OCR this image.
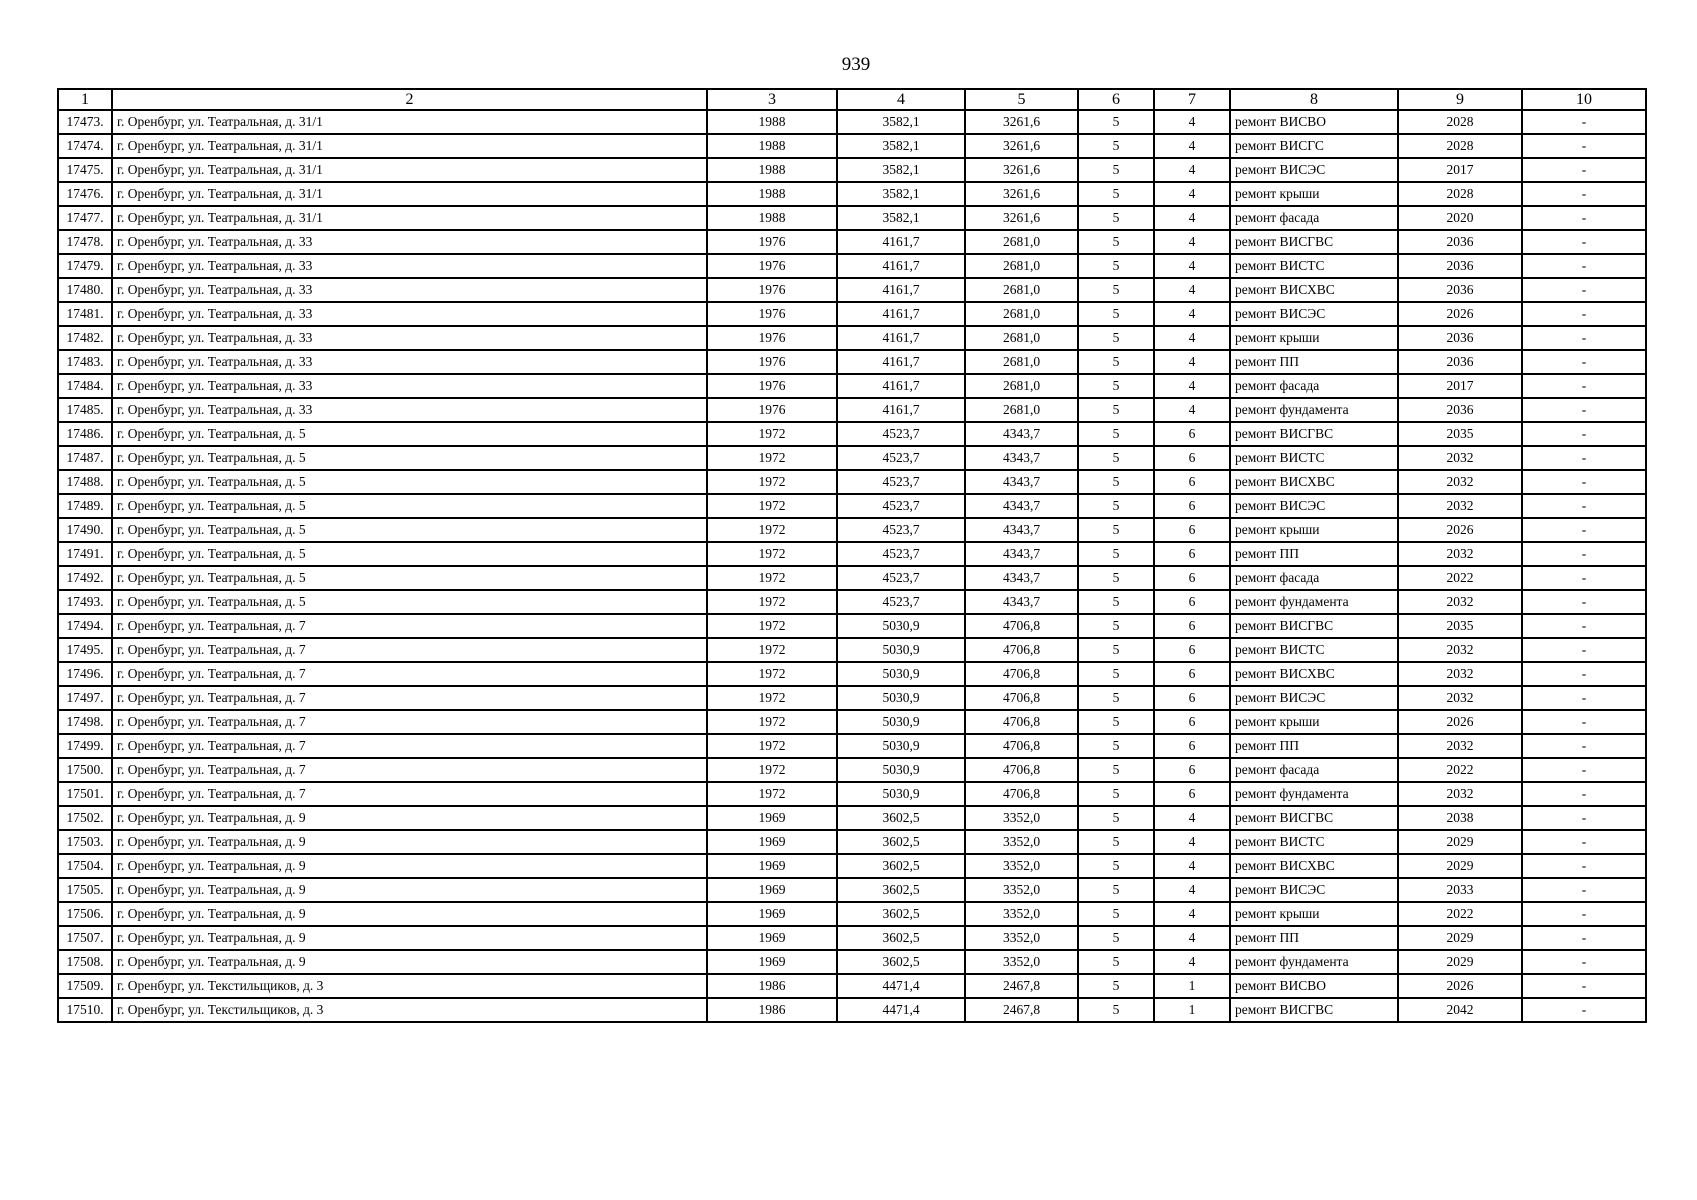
939
1	2	3	4	5	6	7	8	9	10
17473.	г. Оренбург, ул. Театральная, д. 31/1	1988	3582,1	3261,6	5	4	ремонт ВИСВО	2028	-
17474.	г. Оренбург, ул. Театральная, д. 31/1	1988	3582,1	3261,6	5	4	ремонт ВИСГС	2028	-
17475.	г. Оренбург, ул. Театральная, д. 31/1	1988	3582,1	3261,6	5	4	ремонт ВИСЭС	2017	-
17476.	г. Оренбург, ул. Театральная, д. 31/1	1988	3582,1	3261,6	5	4	ремонт крыши	2028	-
17477.	г. Оренбург, ул. Театральная, д. 31/1	1988	3582,1	3261,6	5	4	ремонт фасада	2020	-
17478.	г. Оренбург, ул. Театральная, д. 33	1976	4161,7	2681,0	5	4	ремонт ВИСГВС	2036	-
17479.	г. Оренбург, ул. Театральная, д. 33	1976	4161,7	2681,0	5	4	ремонт ВИСТС	2036	-
17480.	г. Оренбург, ул. Театральная, д. 33	1976	4161,7	2681,0	5	4	ремонт ВИСХВС	2036	-
17481.	г. Оренбург, ул. Театральная, д. 33	1976	4161,7	2681,0	5	4	ремонт ВИСЭС	2026	-
17482.	г. Оренбург, ул. Театральная, д. 33	1976	4161,7	2681,0	5	4	ремонт крыши	2036	-
17483.	г. Оренбург, ул. Театральная, д. 33	1976	4161,7	2681,0	5	4	ремонт ПП	2036	-
17484.	г. Оренбург, ул. Театральная, д. 33	1976	4161,7	2681,0	5	4	ремонт фасада	2017	-
17485.	г. Оренбург, ул. Театральная, д. 33	1976	4161,7	2681,0	5	4	ремонт фундамента	2036	-
17486.	г. Оренбург, ул. Театральная, д. 5	1972	4523,7	4343,7	5	6	ремонт ВИСГВС	2035	-
17487.	г. Оренбург, ул. Театральная, д. 5	1972	4523,7	4343,7	5	6	ремонт ВИСТС	2032	-
17488.	г. Оренбург, ул. Театральная, д. 5	1972	4523,7	4343,7	5	6	ремонт ВИСХВС	2032	-
17489.	г. Оренбург, ул. Театральная, д. 5	1972	4523,7	4343,7	5	6	ремонт ВИСЭС	2032	-
17490.	г. Оренбург, ул. Театральная, д. 5	1972	4523,7	4343,7	5	6	ремонт крыши	2026	-
17491.	г. Оренбург, ул. Театральная, д. 5	1972	4523,7	4343,7	5	6	ремонт ПП	2032	-
17492.	г. Оренбург, ул. Театральная, д. 5	1972	4523,7	4343,7	5	6	ремонт фасада	2022	-
17493.	г. Оренбург, ул. Театральная, д. 5	1972	4523,7	4343,7	5	6	ремонт фундамента	2032	-
17494.	г. Оренбург, ул. Театральная, д. 7	1972	5030,9	4706,8	5	6	ремонт ВИСГВС	2035	-
17495.	г. Оренбург, ул. Театральная, д. 7	1972	5030,9	4706,8	5	6	ремонт ВИСТС	2032	-
17496.	г. Оренбург, ул. Театральная, д. 7	1972	5030,9	4706,8	5	6	ремонт ВИСХВС	2032	-
17497.	г. Оренбург, ул. Театральная, д. 7	1972	5030,9	4706,8	5	6	ремонт ВИСЭС	2032	-
17498.	г. Оренбург, ул. Театральная, д. 7	1972	5030,9	4706,8	5	6	ремонт крыши	2026	-
17499.	г. Оренбург, ул. Театральная, д. 7	1972	5030,9	4706,8	5	6	ремонт ПП	2032	-
17500.	г. Оренбург, ул. Театральная, д. 7	1972	5030,9	4706,8	5	6	ремонт фасада	2022	-
17501.	г. Оренбург, ул. Театральная, д. 7	1972	5030,9	4706,8	5	6	ремонт фундамента	2032	-
17502.	г. Оренбург, ул. Театральная, д. 9	1969	3602,5	3352,0	5	4	ремонт ВИСГВС	2038	-
17503.	г. Оренбург, ул. Театральная, д. 9	1969	3602,5	3352,0	5	4	ремонт ВИСТС	2029	-
17504.	г. Оренбург, ул. Театральная, д. 9	1969	3602,5	3352,0	5	4	ремонт ВИСХВС	2029	-
17505.	г. Оренбург, ул. Театральная, д. 9	1969	3602,5	3352,0	5	4	ремонт ВИСЭС	2033	-
17506.	г. Оренбург, ул. Театральная, д. 9	1969	3602,5	3352,0	5	4	ремонт крыши	2022	-
17507.	г. Оренбург, ул. Театральная, д. 9	1969	3602,5	3352,0	5	4	ремонт ПП	2029	-
17508.	г. Оренбург, ул. Театральная, д. 9	1969	3602,5	3352,0	5	4	ремонт фундамента	2029	-
17509.	г. Оренбург, ул. Текстильщиков, д. 3	1986	4471,4	2467,8	5	1	ремонт ВИСВО	2026	-
17510.	г. Оренбург, ул. Текстильщиков, д. 3	1986	4471,4	2467,8	5	1	ремонт ВИСГВС	2042	-
